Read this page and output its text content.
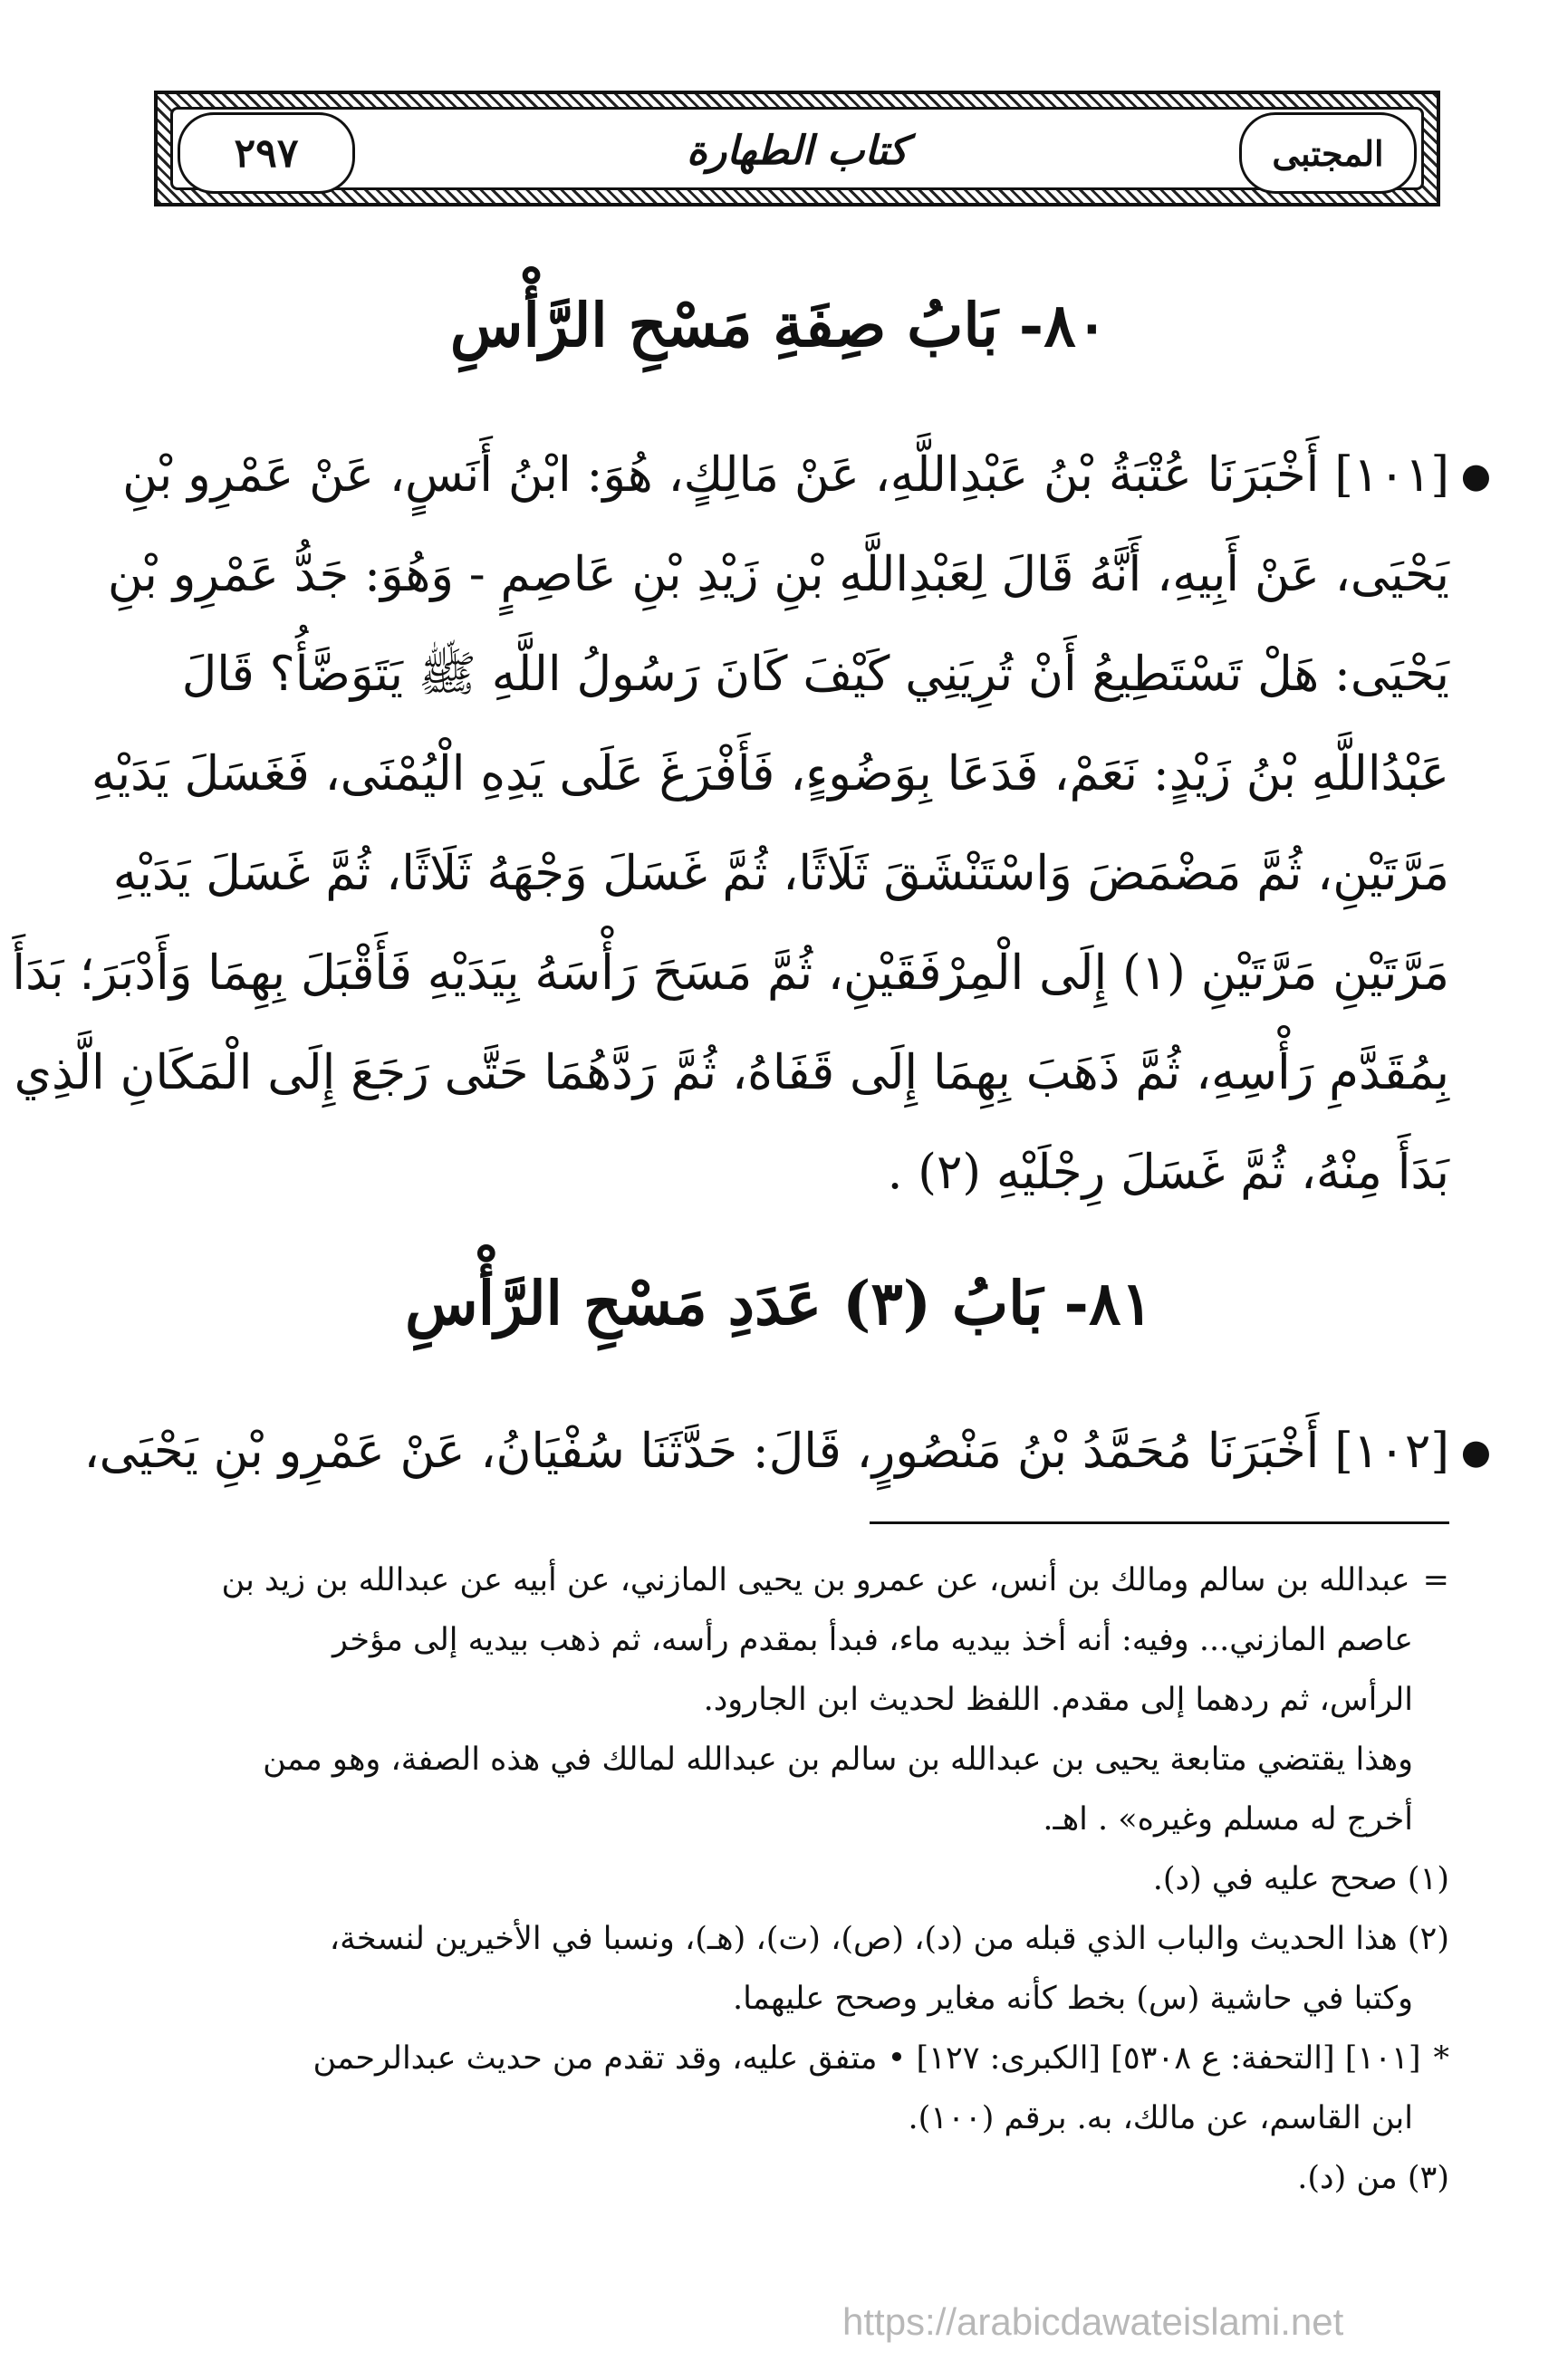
٢٩٧	كتاب الطهارة	المجتبى
٨٠- بَابُ صِفَةِ مَسْحِ الرَّأْسِ
●
[١٠١] أَخْبَرَنَا عُتْبَةُ بْنُ عَبْدِاللَّهِ، عَنْ مَالِكٍ، هُوَ: ابْنُ أَنَسٍ، عَنْ عَمْرِو بْنِ
يَحْيَى، عَنْ أَبِيهِ، أَنَّهُ قَالَ لِعَبْدِاللَّهِ بْنِ زَيْدِ بْنِ عَاصِمٍ - وَهُوَ: جَدُّ عَمْرِو بْنِ
يَحْيَى: هَلْ تَسْتَطِيعُ أَنْ تُرِيَنِي كَيْفَ كَانَ رَسُولُ اللَّهِ ﷺ يَتَوَضَّأُ؟ قَالَ
عَبْدُاللَّهِ بْنُ زَيْدٍ: نَعَمْ، فَدَعَا بِوَضُوءٍ، فَأَفْرَغَ عَلَى يَدِهِ الْيُمْنَى، فَغَسَلَ يَدَيْهِ
مَرَّتَيْنِ، ثُمَّ مَضْمَضَ وَاسْتَنْشَقَ ثَلَاثًا، ثُمَّ غَسَلَ وَجْهَهُ ثَلَاثًا، ثُمَّ غَسَلَ يَدَيْهِ
مَرَّتَيْنِ مَرَّتَيْنِ (١) إِلَى الْمِرْفَقَيْنِ، ثُمَّ مَسَحَ رَأْسَهُ بِيَدَيْهِ فَأَقْبَلَ بِهِمَا وَأَدْبَرَ؛ بَدَأَ
بِمُقَدَّمِ رَأْسِهِ، ثُمَّ ذَهَبَ بِهِمَا إِلَى قَفَاهُ، ثُمَّ رَدَّهُمَا حَتَّى رَجَعَ إِلَى الْمَكَانِ الَّذِي
بَدَأَ مِنْهُ، ثُمَّ غَسَلَ رِجْلَيْهِ (٢) .
٨١- بَابُ (٣) عَدَدِ مَسْحِ الرَّأْسِ
●
[١٠٢] أَخْبَرَنَا مُحَمَّدُ بْنُ مَنْصُورٍ، قَالَ: حَدَّثَنَا سُفْيَانُ، عَنْ عَمْرِو بْنِ يَحْيَى،
=عبدالله بن سالم ومالك بن أنس، عن عمرو بن يحيى المازني، عن أبيه عن عبدالله بن زيد بن
عاصم المازني... وفيه: أنه أخذ بيديه ماء، فبدأ بمقدم رأسه، ثم ذهب بيديه إلى مؤخر
الرأس، ثم ردهما إلى مقدم. اللفظ لحديث ابن الجارود.
وهذا يقتضي متابعة يحيى بن عبدالله بن سالم بن عبدالله لمالك في هذه الصفة، وهو ممن
أخرج له مسلم وغيره» . اهـ.
(١) صحح عليه في (د).
(٢) هذا الحديث والباب الذي قبله من (د)، (ص)، (ت)، (هـ)، ونسبا في الأخيرين لنسخة،
وكتبا في حاشية (س) بخط كأنه مغاير وصحح عليهما.
*[١٠١] [التحفة: ع ٥٣٠٨] [الكبرى: ١٢٧] • متفق عليه، وقد تقدم من حديث عبدالرحمن
ابن القاسم، عن مالك، به. برقم (١٠٠).
(٣) من (د).
https://arabicdawateislami.net
